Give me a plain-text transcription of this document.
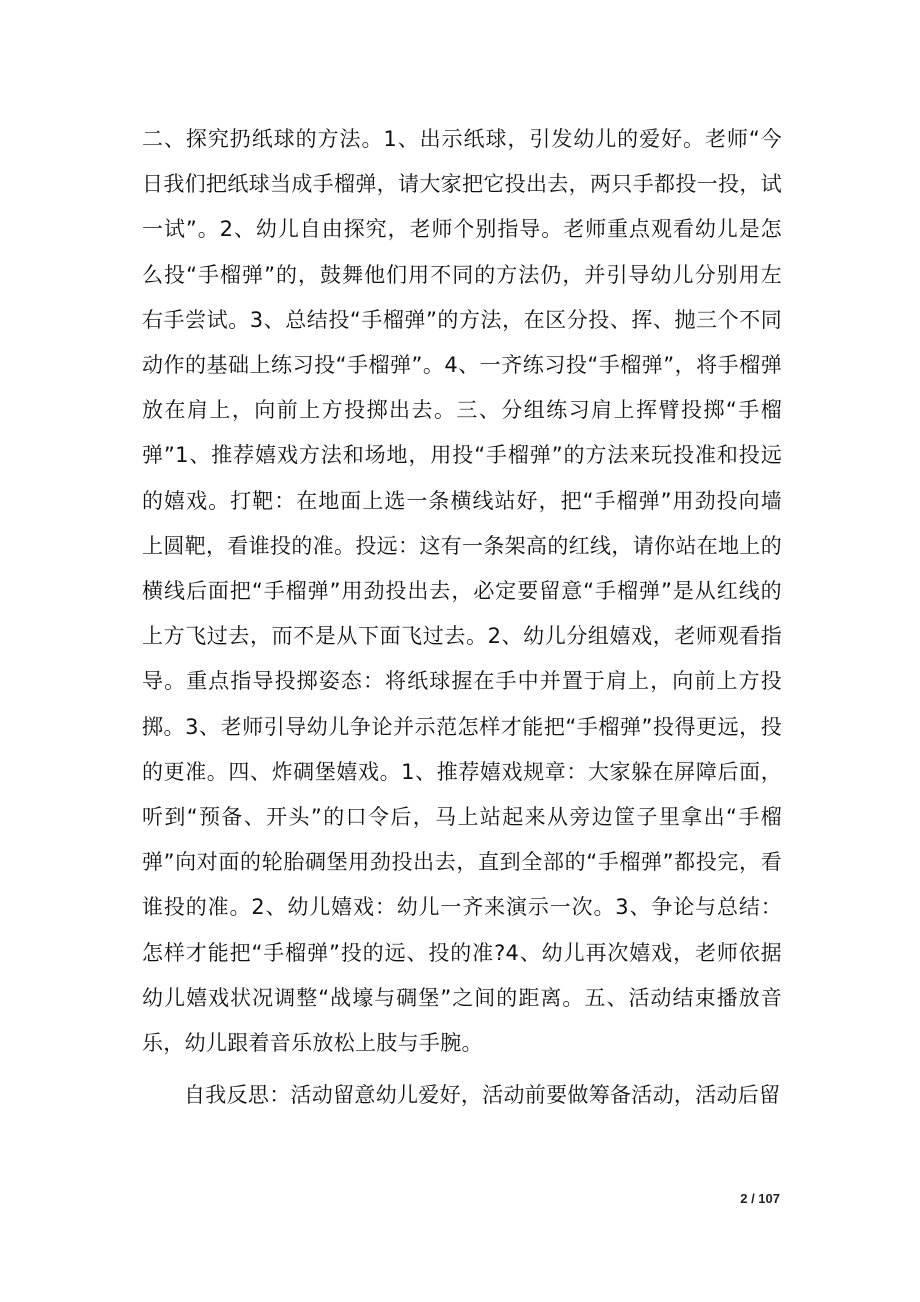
二、探究扔纸球的方法。1、出示纸球，引发幼儿的爱好。老师“今日我们把纸球当成手榴弹，请大家把它投出去，两只手都投一投，试一试”。2、幼儿自由探究，老师个别指导。老师重点观看幼儿是怎么投“手榴弹”的，鼓舞他们用不同的方法仍，并引导幼儿分别用左右手尝试。3、总结投“手榴弹”的方法，在区分投、挥、抛三个不同动作的基础上练习投“手榴弹”。4、一齐练习投“手榴弹”，将手榴弹放在肩上，向前上方投掷出去。三、分组练习肩上挥臂投掷“手榴弹”1、推荐嬉戏方法和场地，用投“手榴弹”的方法来玩投准和投远的嬉戏。打靶：在地面上选一条横线站好，把“手榴弹”用劲投向墙上圆靶，看谁投的准。投远：这有一条架高的红线，请你站在地上的横线后面把“手榴弹”用劲投出去，必定要留意“手榴弹”是从红线的上方飞过去，而不是从下面飞过去。2、幼儿分组嬉戏，老师观看指导。重点指导投掷姿态：将纸球握在手中并置于肩上，向前上方投掷。3、老师引导幼儿争论并示范怎样才能把“手榴弹”投得更远，投的更准。四、炸碉堡嬉戏。1、推荐嬉戏规章：大家躲在屏障后面，听到“预备、开头”的口令后，马上站起来从旁边筐子里拿出“手榴弹”向对面的轮胎碉堡用劲投出去，直到全部的“手榴弹”都投完，看谁投的准。2、幼儿嬉戏：幼儿一齐来演示一次。3、争论与总结：怎样才能把“手榴弹”投的远、投的准?4、幼儿再次嬉戏，老师依据幼儿嬉戏状况调整“战壕与碉堡”之间的距离。五、活动结束播放音乐，幼儿跟着音乐放松上肢与手腕。

自我反思：活动留意幼儿爱好，活动前要做筹备活动，活动后留

2 / 107
